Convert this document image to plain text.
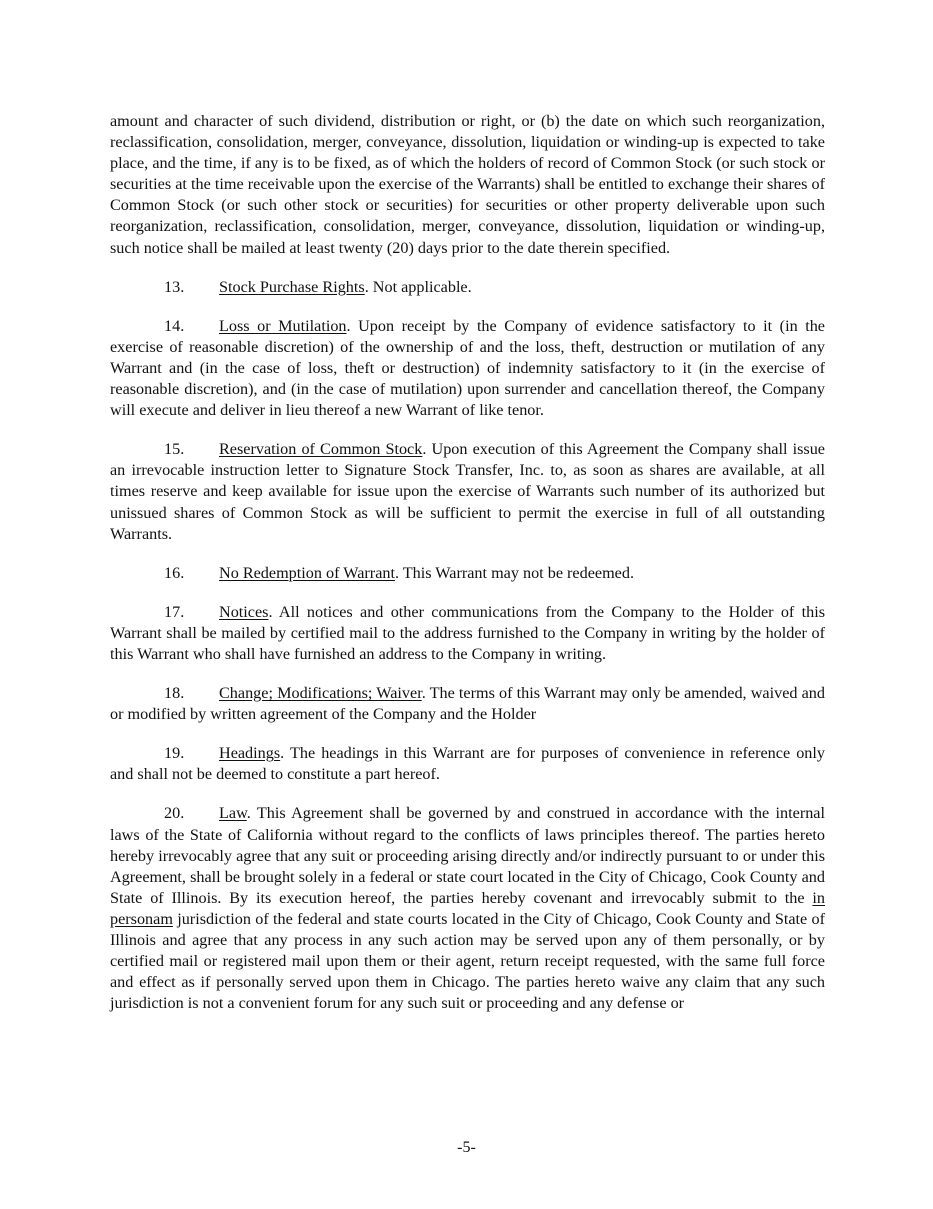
amount and character of such dividend, distribution or right, or (b) the date on which such reorganization, reclassification, consolidation, merger, conveyance, dissolution, liquidation or winding-up is expected to take place, and the time, if any is to be fixed, as of which the holders of record of Common Stock (or such stock or securities at the time receivable upon the exercise of the Warrants) shall be entitled to exchange their shares of Common Stock (or such other stock or securities) for securities or other property deliverable upon such reorganization, reclassification, consolidation, merger, conveyance, dissolution, liquidation or winding-up, such notice shall be mailed at least twenty (20) days prior to the date therein specified.

13. Stock Purchase Rights. Not applicable.

14. Loss or Mutilation. Upon receipt by the Company of evidence satisfactory to it (in the exercise of reasonable discretion) of the ownership of and the loss, theft, destruction or mutilation of any Warrant and (in the case of loss, theft or destruction) of indemnity satisfactory to it (in the exercise of reasonable discretion), and (in the case of mutilation) upon surrender and cancellation thereof, the Company will execute and deliver in lieu thereof a new Warrant of like tenor.

15. Reservation of Common Stock. Upon execution of this Agreement the Company shall issue an irrevocable instruction letter to Signature Stock Transfer, Inc. to, as soon as shares are available, at all times reserve and keep available for issue upon the exercise of Warrants such number of its authorized but unissued shares of Common Stock as will be sufficient to permit the exercise in full of all outstanding Warrants.

16. No Redemption of Warrant. This Warrant may not be redeemed.

17. Notices. All notices and other communications from the Company to the Holder of this Warrant shall be mailed by certified mail to the address furnished to the Company in writing by the holder of this Warrant who shall have furnished an address to the Company in writing.

18. Change; Modifications; Waiver. The terms of this Warrant may only be amended, waived and or modified by written agreement of the Company and the Holder

19. Headings. The headings in this Warrant are for purposes of convenience in reference only and shall not be deemed to constitute a part hereof.

20. Law. This Agreement shall be governed by and construed in accordance with the internal laws of the State of California without regard to the conflicts of laws principles thereof. The parties hereto hereby irrevocably agree that any suit or proceeding arising directly and/or indirectly pursuant to or under this Agreement, shall be brought solely in a federal or state court located in the City of Chicago, Cook County and State of Illinois. By its execution hereof, the parties hereby covenant and irrevocably submit to the in personam jurisdiction of the federal and state courts located in the City of Chicago, Cook County and State of Illinois and agree that any process in any such action may be served upon any of them personally, or by certified mail or registered mail upon them or their agent, return receipt requested, with the same full force and effect as if personally served upon them in Chicago. The parties hereto waive any claim that any such jurisdiction is not a convenient forum for any such suit or proceeding and any defense or

-5-
